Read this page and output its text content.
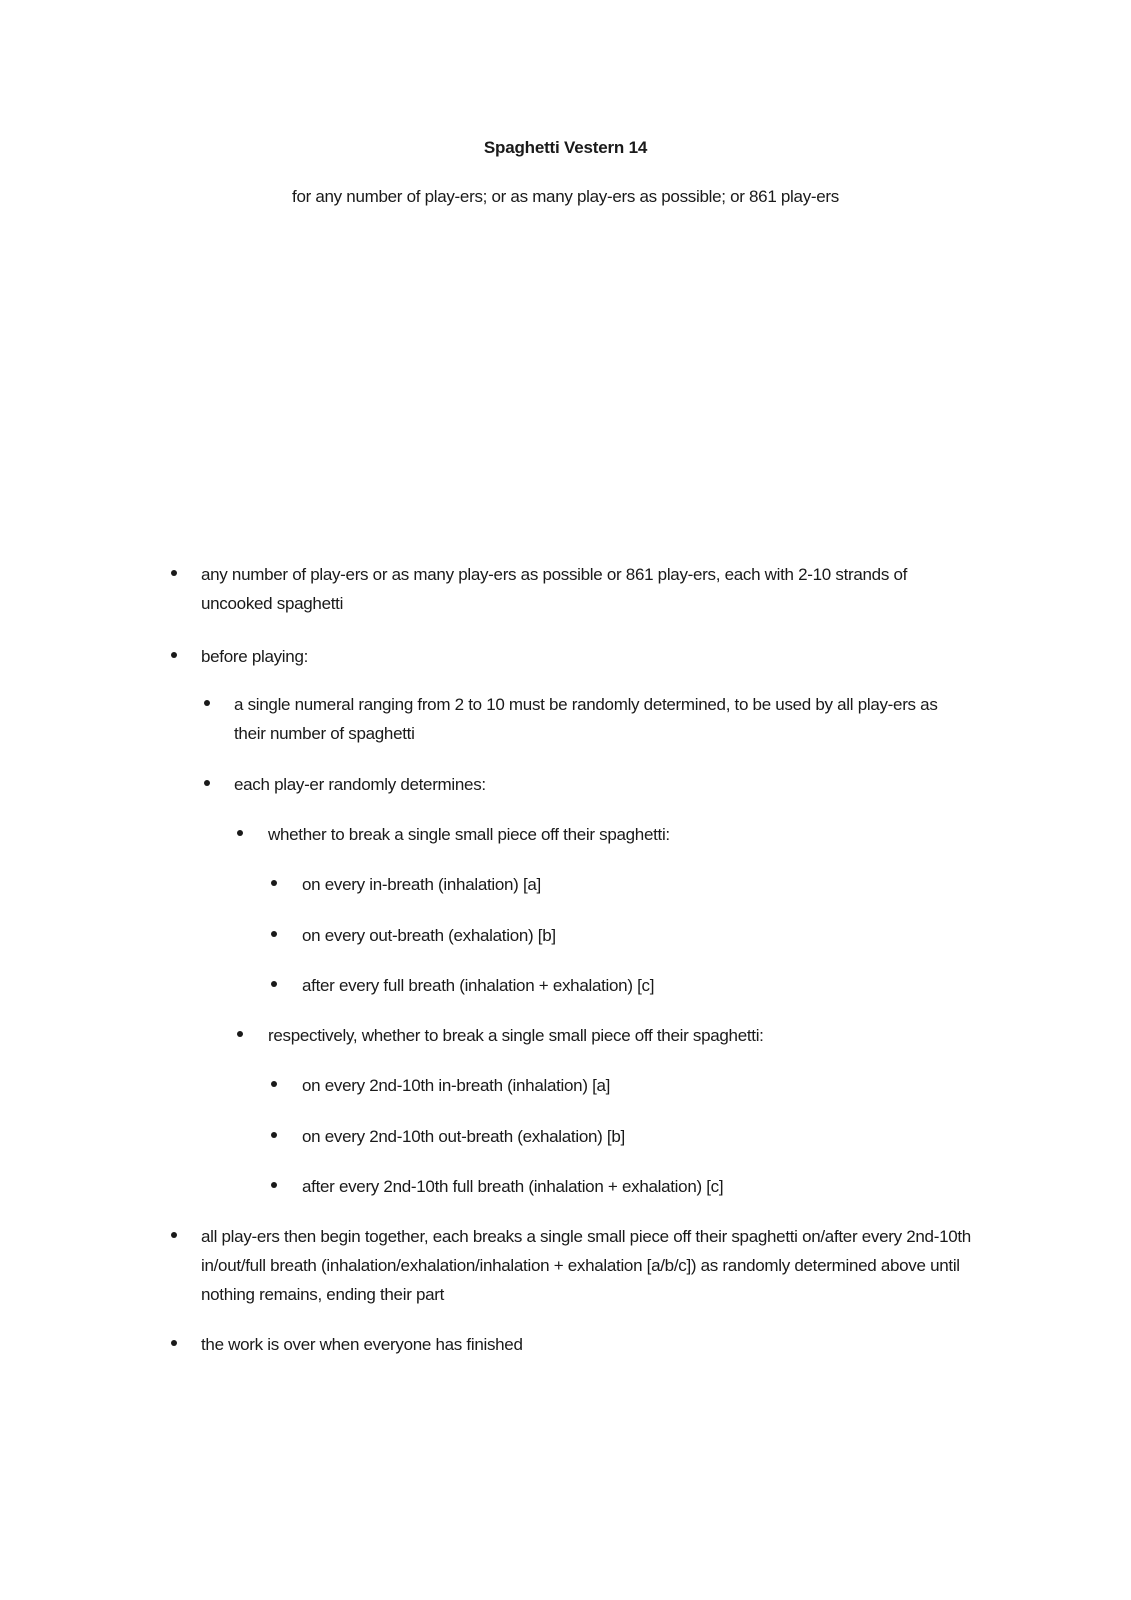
Spaghetti Vestern 14
for any number of play-ers; or as many play-ers as possible; or 861 play-ers
any number of play-ers or as many play-ers as possible or 861 play-ers, each with 2-10 strands of uncooked spaghetti
before playing:
a single numeral ranging from 2 to 10 must be randomly determined, to be used by all play-ers as their number of spaghetti
each play-er randomly determines:
whether to break a single small piece off their spaghetti:
on every in-breath (inhalation) [a]
on every out-breath (exhalation) [b]
after every full breath (inhalation + exhalation) [c]
respectively, whether to break a single small piece off their spaghetti:
on every 2nd-10th in-breath (inhalation) [a]
on every 2nd-10th out-breath (exhalation) [b]
after every 2nd-10th full breath (inhalation + exhalation) [c]
all play-ers then begin together, each breaks a single small piece off their spaghetti on/after every 2nd-10th in/out/full breath (inhalation/exhalation/inhalation + exhalation [a/b/c]) as randomly determined above until nothing remains, ending their part
the work is over when everyone has finished
